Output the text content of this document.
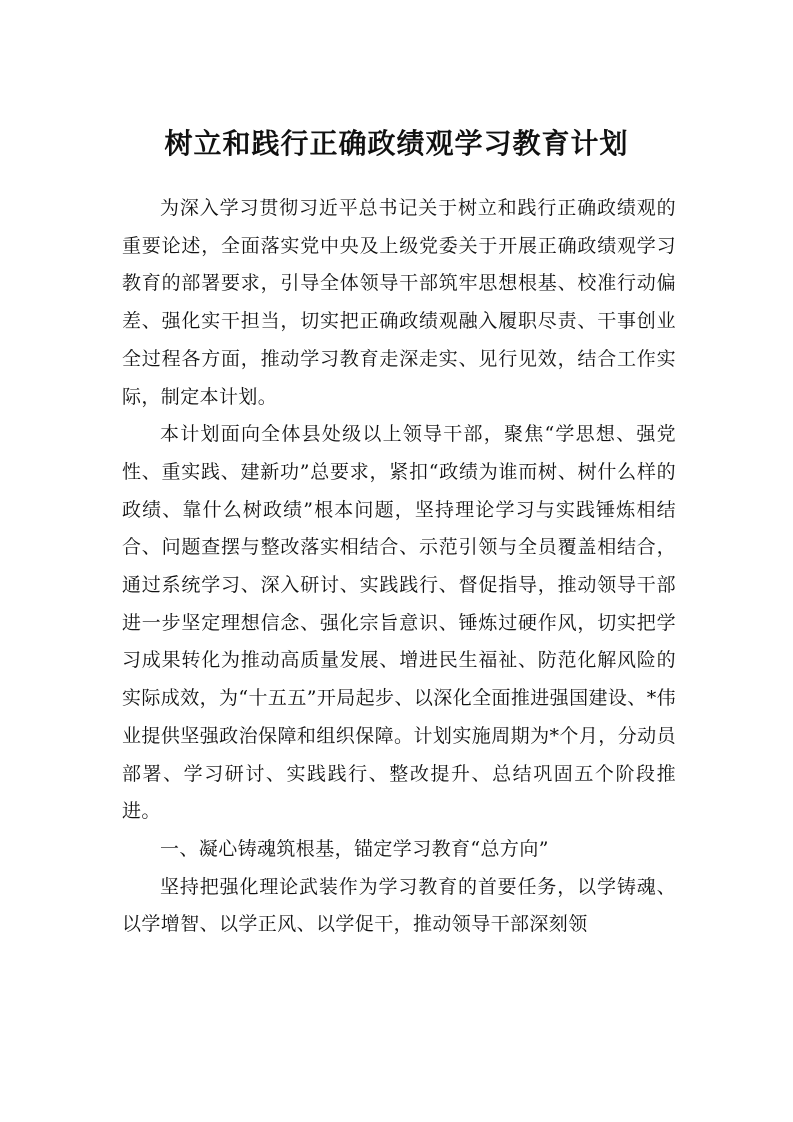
树立和践行正确政绩观学习教育计划

为深入学习贯彻习近平总书记关于树立和践行正确政绩观的重要论述，全面落实党中央及上级党委关于开展正确政绩观学习教育的部署要求，引导全体领导干部筑牢思想根基、校准行动偏差、强化实干担当，切实把正确政绩观融入履职尽责、干事创业全过程各方面，推动学习教育走深走实、见行见效，结合工作实际，制定本计划。

本计划面向全体县处级以上领导干部，聚焦“学思想、强党性、重实践、建新功”总要求，紧扣“政绩为谁而树、树什么样的政绩、靠什么树政绩”根本问题，坚持理论学习与实践锤炼相结合、问题查摆与整改落实相结合、示范引领与全员覆盖相结合，通过系统学习、深入研讨、实践践行、督促指导，推动领导干部进一步坚定理想信念、强化宗旨意识、锤炼过硬作风，切实把学习成果转化为推动高质量发展、增进民生福祉、防范化解风险的实际成效，为“十五五”开局起步、以深化全面推进强国建设、*伟业提供坚强政治保障和组织保障。计划实施周期为*个月，分动员部署、学习研讨、实践践行、整改提升、总结巩固五个阶段推进。

一、凝心铸魂筑根基，锚定学习教育“总方向”

坚持把强化理论武装作为学习教育的首要任务，以学铸魂、以学增智、以学正风、以学促干，推动领导干部深刻领
